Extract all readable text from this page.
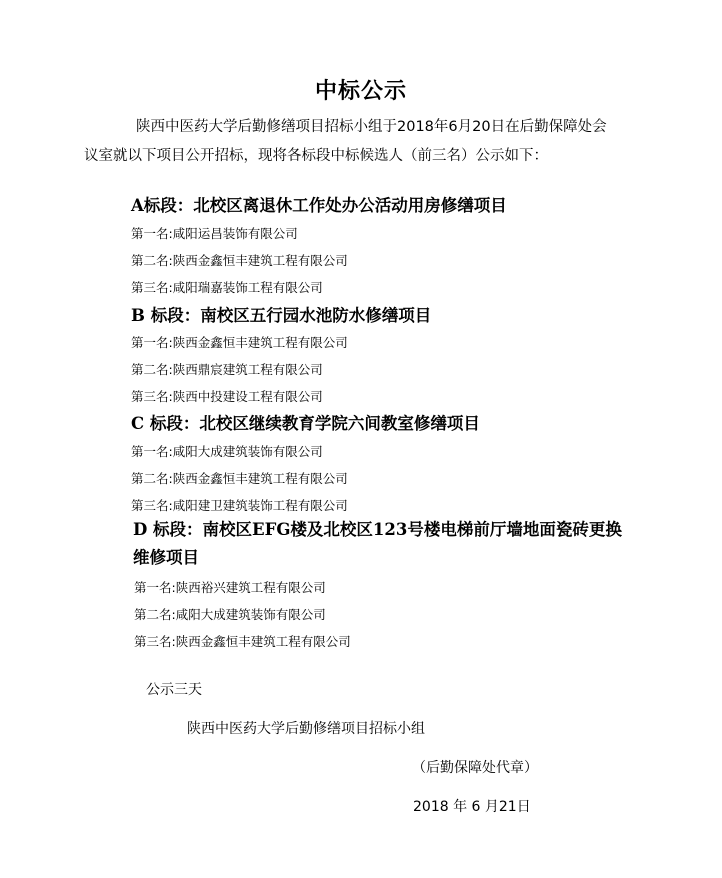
中标公示
陕西中医药大学后勤修缮项目招标小组于2018年6月20日在后勤保障处会
议室就以下项目公开招标，现将各标段中标候选人（前三名）公示如下：
A标段：北校区离退休工作处办公活动用房修缮项目
第一名:咸阳运昌装饰有限公司
第二名:陕西金鑫恒丰建筑工程有限公司
第三名:咸阳瑞嘉装饰工程有限公司
B 标段：南校区五行园水池防水修缮项目
第一名:陕西金鑫恒丰建筑工程有限公司
第二名:陕西鼎宸建筑工程有限公司
第三名:陕西中投建设工程有限公司
C 标段：北校区继续教育学院六间教室修缮项目
第一名:咸阳大成建筑装饰有限公司
第二名:陕西金鑫恒丰建筑工程有限公司
第三名:咸阳建卫建筑装饰工程有限公司
D 标段：南校区EFG楼及北校区123号楼电梯前厅墙地面瓷砖更换维修项目
第一名:陕西裕兴建筑工程有限公司
第二名:咸阳大成建筑装饰有限公司
第三名:陕西金鑫恒丰建筑工程有限公司
公示三天
陕西中医药大学后勤修缮项目招标小组
（后勤保障处代章）
2018 年 6 月21日
